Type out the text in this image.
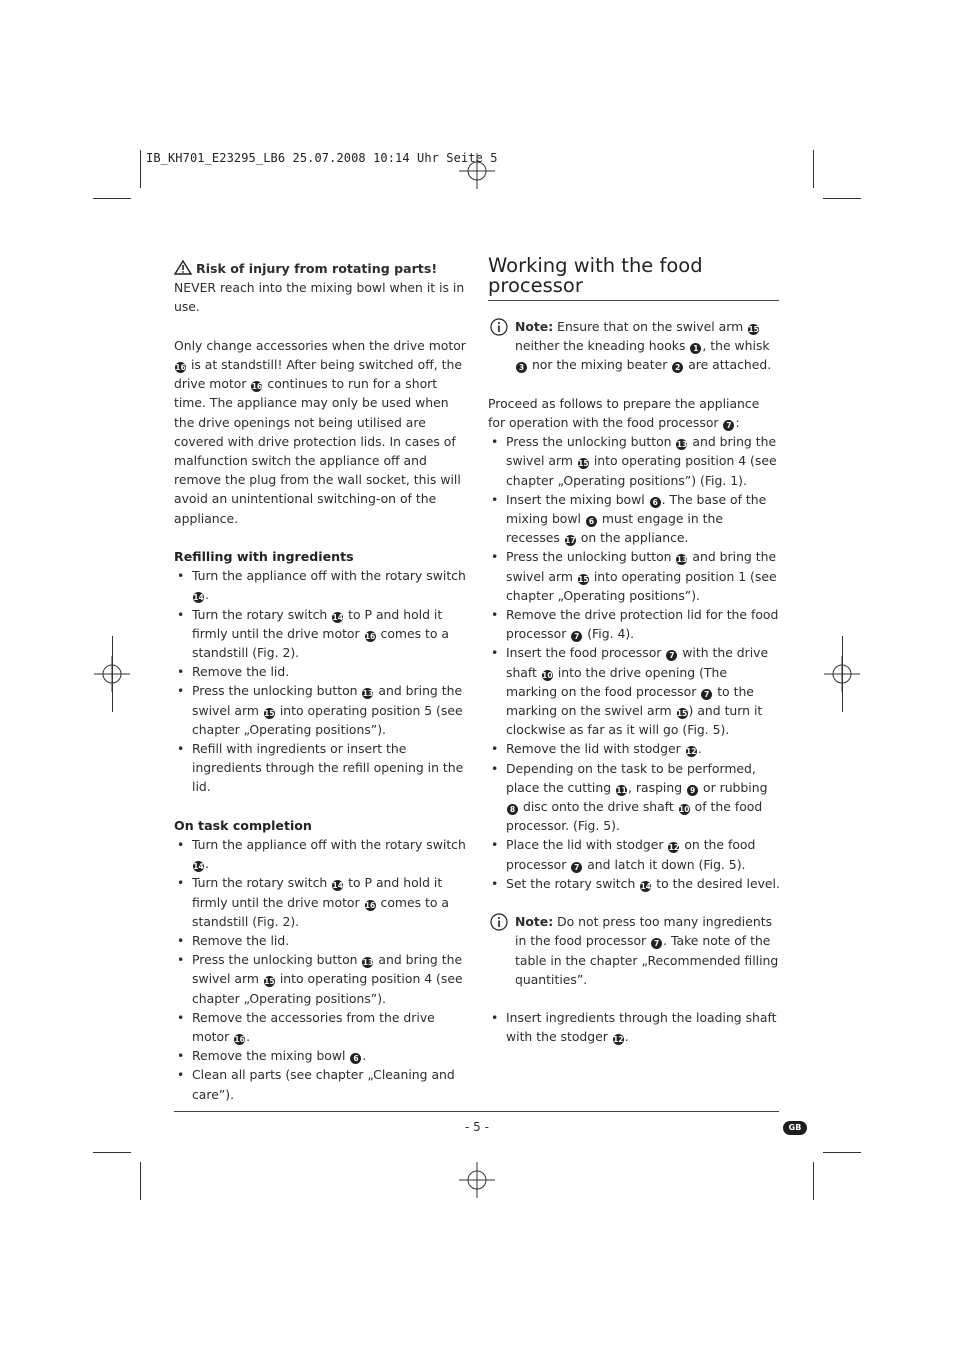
IB_KH701_E23295_LB6 25.07.2008 10:14 Uhr Seite 5

Risk of injury from rotating parts!

NEVER reach into the mixing bowl when it is in use.

Only change accessories when the drive motor 16 is at standstill! After being switched off, the drive motor 16 continues to run for a short time. The appliance may only be used when the drive openings not being utilised are covered with drive protection lids. In cases of malfunction switch the appliance off and remove the plug from the wall socket, this will avoid an unintentional switching-on of the appliance.

Refilling with ingredients
• Turn the appliance off with the rotary switch 14.
• Turn the rotary switch 14 to P and hold it firmly until the drive motor 16 comes to a standstill (Fig. 2).
• Remove the lid.
• Press the unlocking button 13 and bring the swivel arm 15 into operating position 5 (see chapter „Operating positions”).
• Refill with ingredients or insert the ingredients through the refill opening in the lid.
On task completion
• Turn the appliance off with the rotary switch 14.
• Turn the rotary switch 14 to P and hold it firmly until the drive motor 16 comes to a standstill (Fig. 2).
• Remove the lid.
• Press the unlocking button 13 and bring the swivel arm 15 into operating position 4 (see chapter „Operating positions”).
• Remove the accessories from the drive motor 16.
• Remove the mixing bowl 6 .
• Clean all parts (see chapter „Cleaning and care”).
Working with the food processor
Note: Ensure that on the swivel arm 15 neither the kneading hooks 1 , the whisk 3 nor the mixing beater 2 are attached.

Proceed as follows to prepare the appliance for operation with the food processor 7 :

• Press the unlocking button 13 and bring the swivel arm 15 into operating position 4 (see chapter „Operating positions”) (Fig. 1).
• Insert the mixing bowl 6 . The base of the mixing bowl 6 must engage in the recesses 17 on the appliance.
• Press the unlocking button 13 and bring the swivel arm 15 into operating position 1 (see chapter „Operating positions”).
• Remove the drive protection lid for the food processor 7 (Fig. 4).
• Insert the food processor 7 with the drive shaft 10 into the drive opening (The marking on the food processor 7 to the marking on the swivel arm 15) and turn it clockwise as far as it will go (Fig. 5).
• Remove the lid with stodger 12.
• Depending on the task to be performed, place the cutting 11, rasping 9 or rubbing 8 disc onto the drive shaft 10 of the food processor. (Fig. 5).
• Place the lid with stodger 12 on the food processor 7 and latch it down (Fig. 5).
• Set the rotary switch 14 to the desired level.
Note: Do not press too many ingredients in the food processor 7 . Take note of the table in the chapter „Recommended filling quantities”.
• Insert ingredients through the loading shaft with the stodger 12.
- 5 -	GB
